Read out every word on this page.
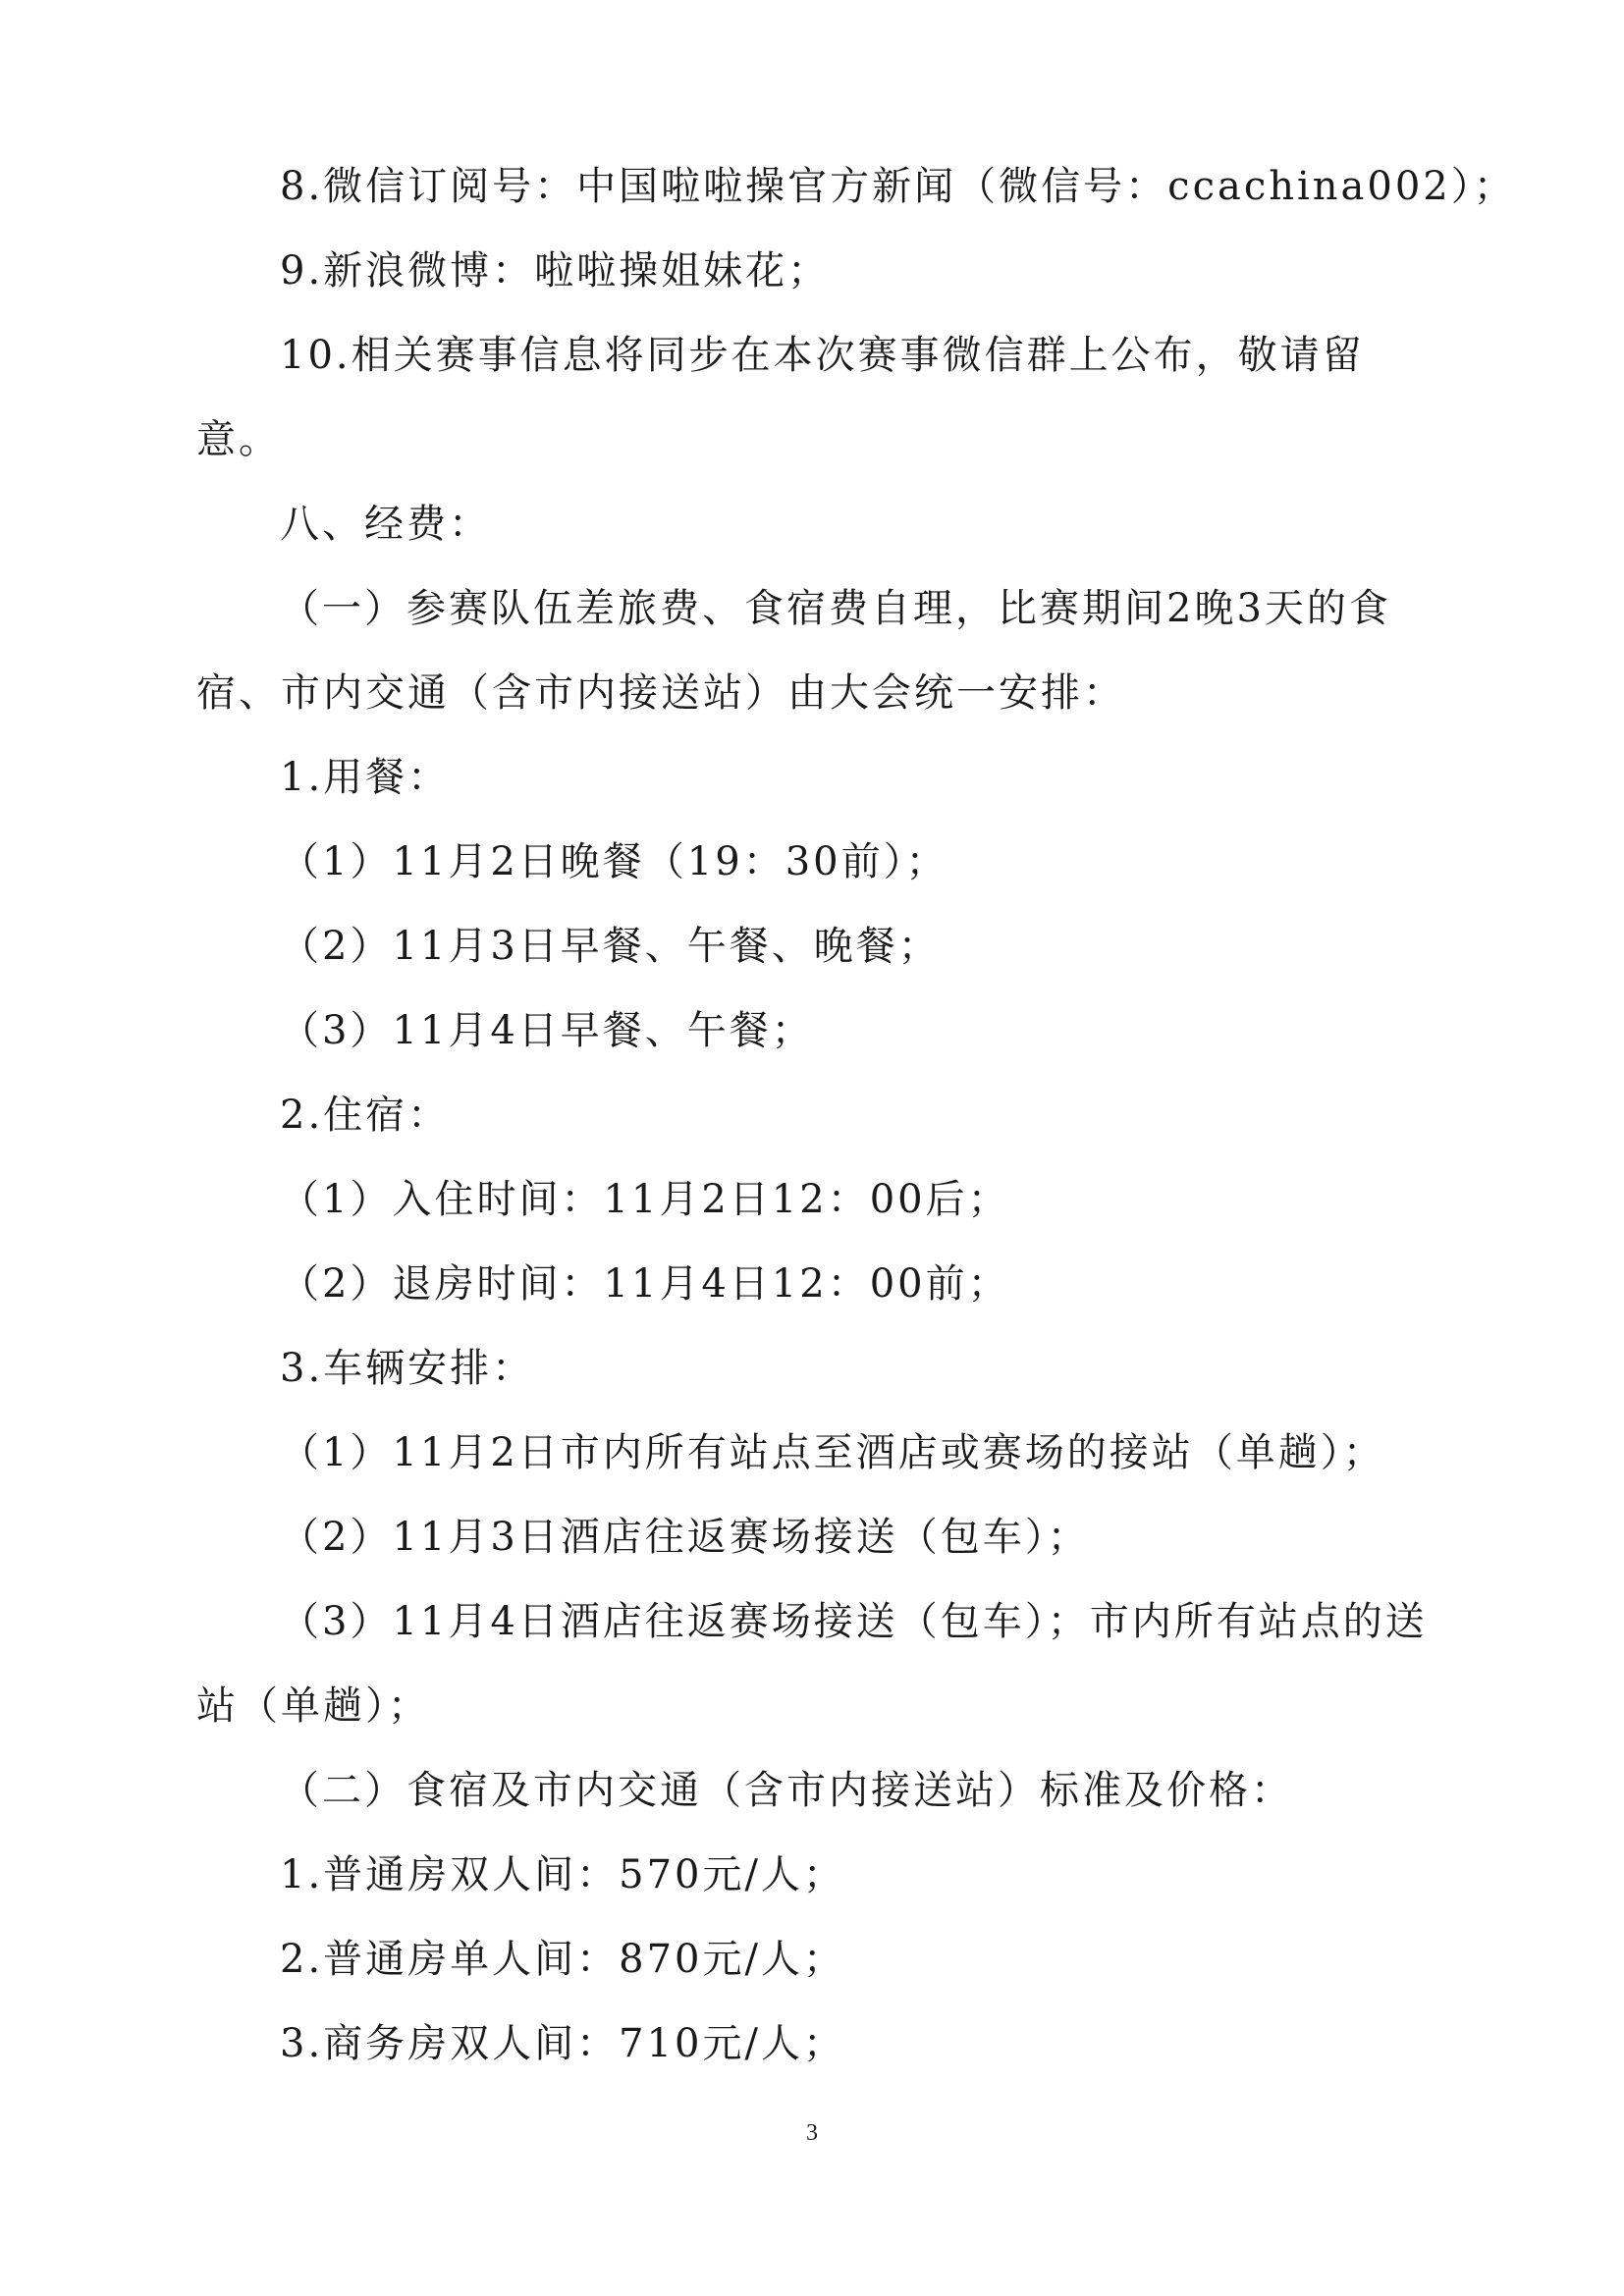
8.微信订阅号：中国啦啦操官方新闻（微信号：ccachina002）；
9.新浪微博：啦啦操姐妹花；
10.相关赛事信息将同步在本次赛事微信群上公布，敬请留
意。
八、经费：
（一）参赛队伍差旅费、食宿费自理，比赛期间2晚3天的食
宿、市内交通（含市内接送站）由大会统一安排：
1.用餐：
（1）11月2日晚餐（19：30前）；
（2）11月3日早餐、午餐、晚餐；
（3）11月4日早餐、午餐；
2.住宿：
（1）入住时间：11月2日12：00后；
（2）退房时间：11月4日12：00前；
3.车辆安排：
（1）11月2日市内所有站点至酒店或赛场的接站（单趟）；
（2）11月3日酒店往返赛场接送（包车）；
（3）11月4日酒店往返赛场接送（包车）；市内所有站点的送
站（单趟）；
（二）食宿及市内交通（含市内接送站）标准及价格：
1.普通房双人间：570元/人；
2.普通房单人间：870元/人；
3.商务房双人间：710元/人；
3
